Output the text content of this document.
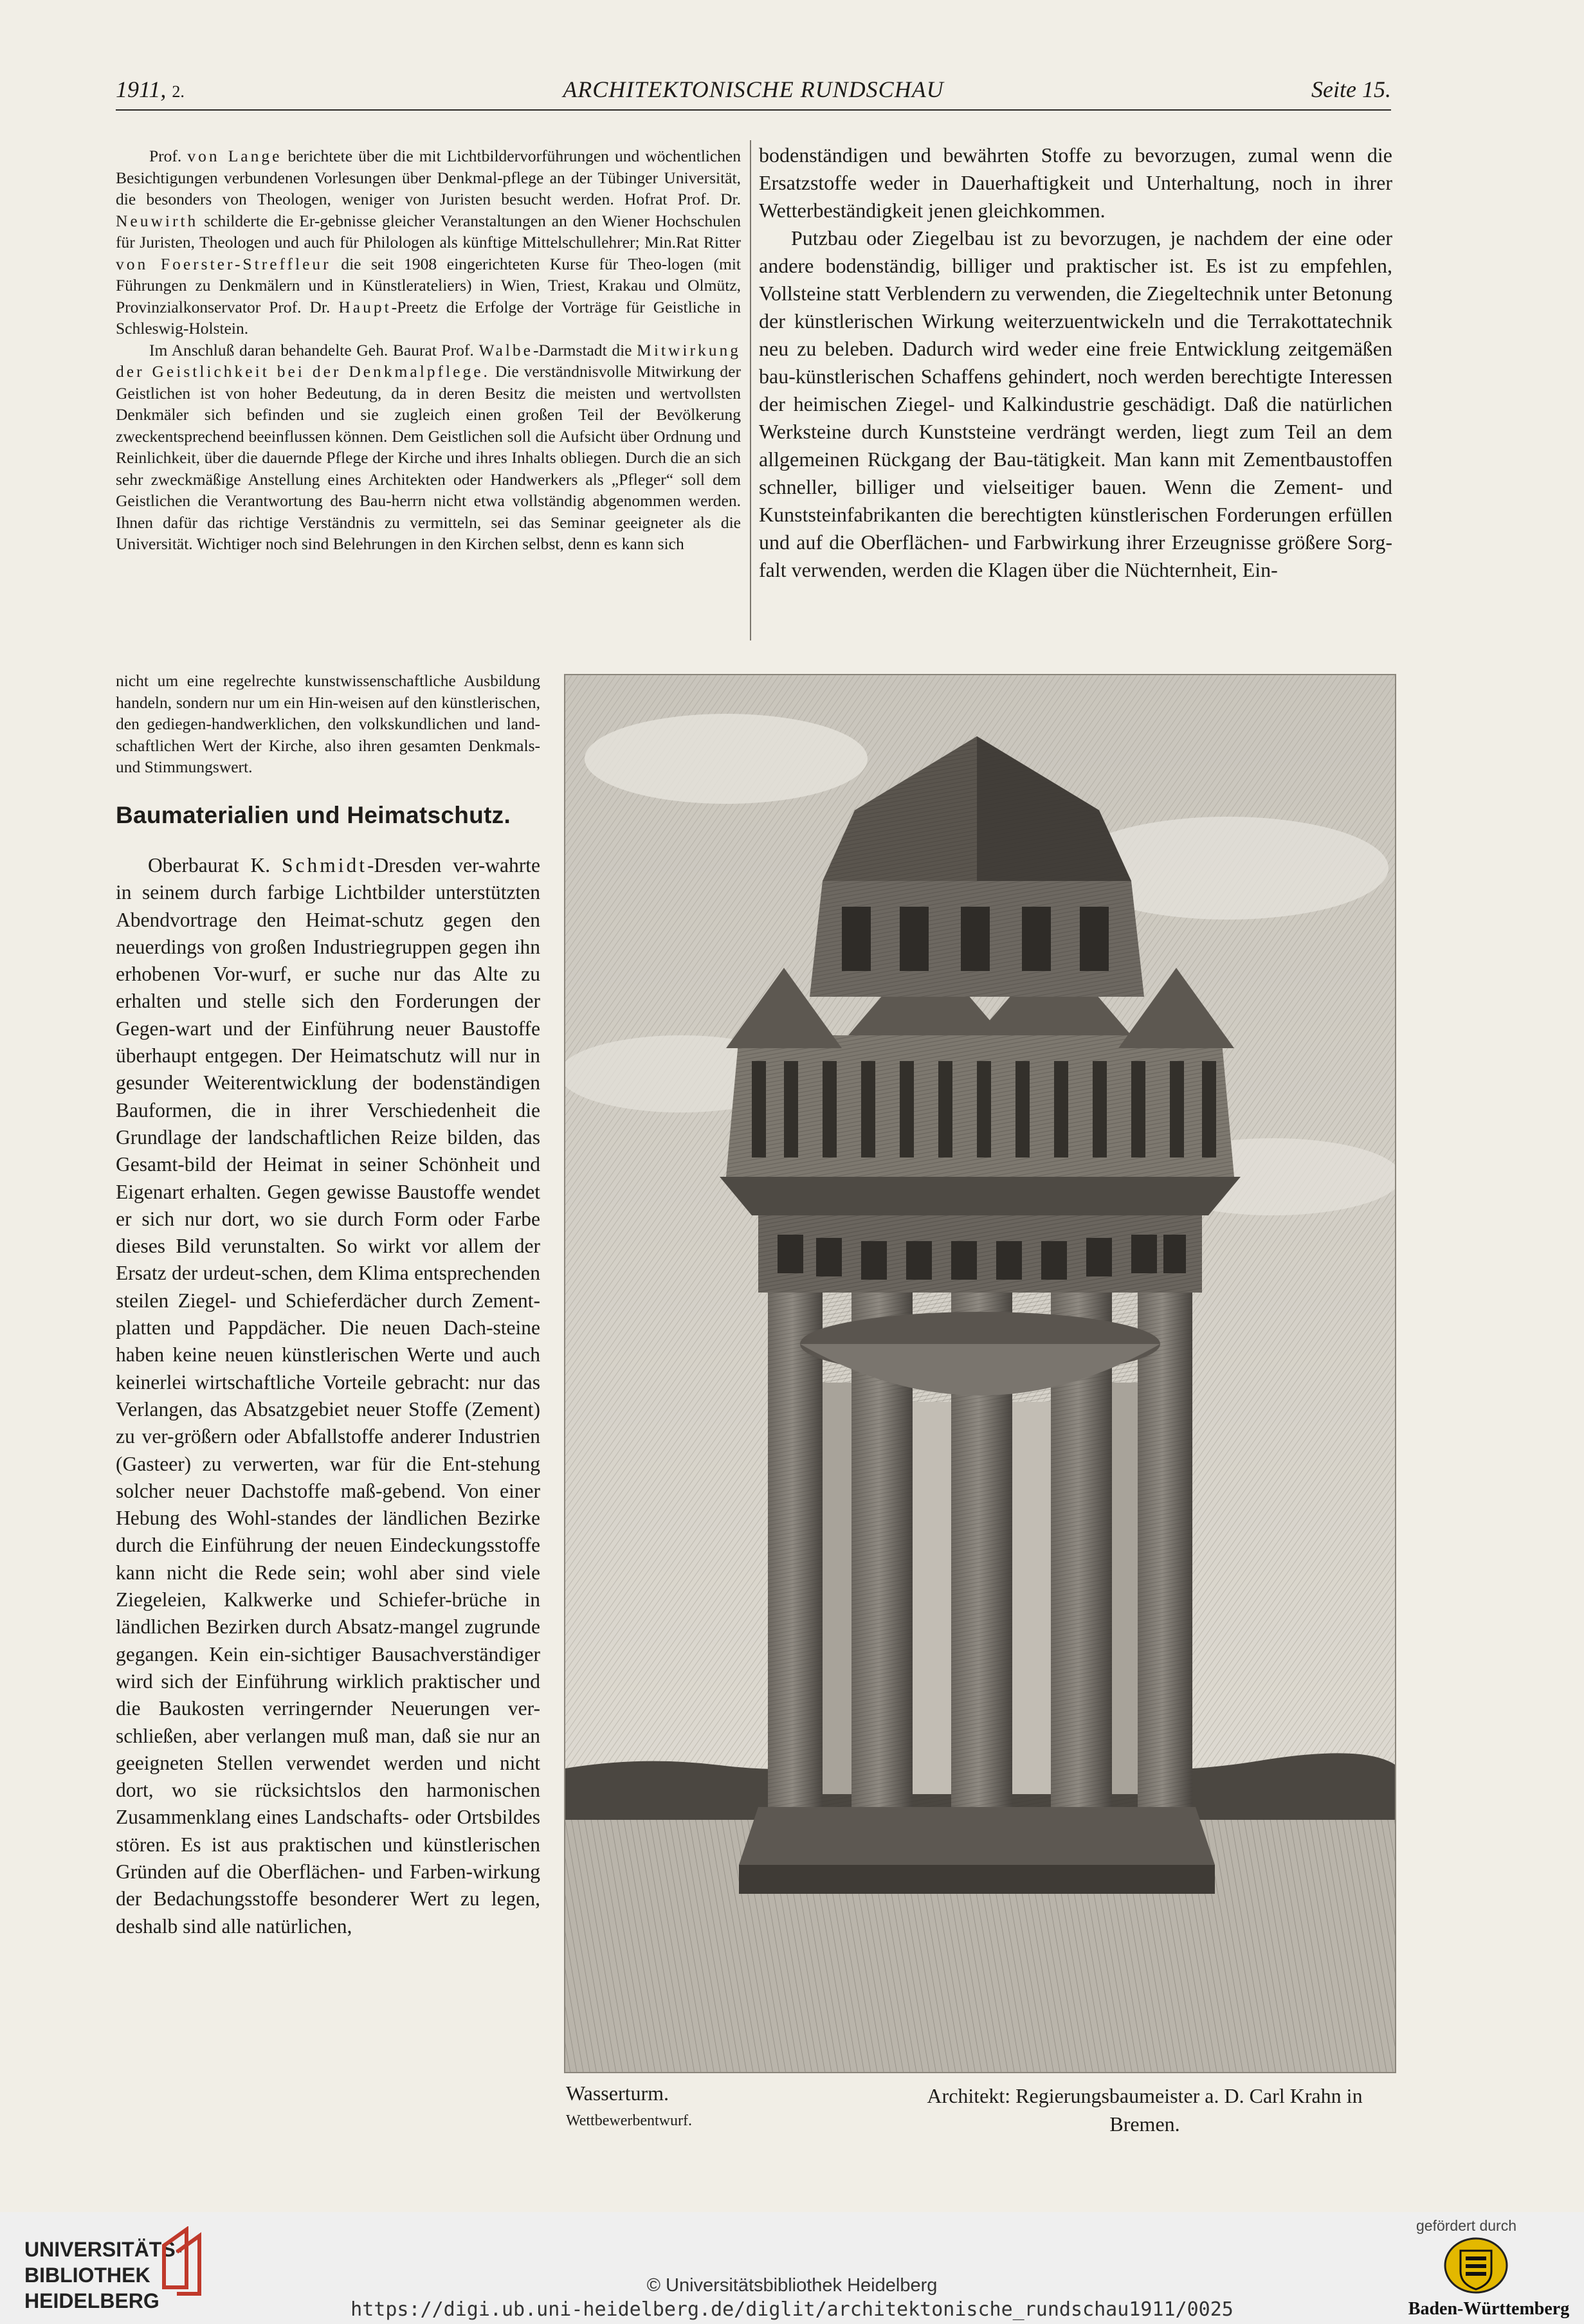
1911, 2.	ARCHITEKTONISCHE RUNDSCHAU	Seite 15.

Prof. von Lange berichtete über die mit Lichtbildervorführungen und wöchentlichen Besichtigungen verbundenen Vorlesungen über Denkmal-pflege an der Tübinger Universität, die besonders von Theologen, weniger von Juristen besucht werden. Hofrat Prof. Dr. Neuwirth schilderte die Er-gebnisse gleicher Veranstaltungen an den Wiener Hochschulen für Juristen, Theologen und auch für Philologen als künftige Mittelschullehrer; Min.Rat Ritter von Foerster-Streffleur die seit 1908 eingerichteten Kurse für Theo-logen (mit Führungen zu Denkmälern und in Künstlerateliers) in Wien, Triest, Krakau und Olmütz, Provinzialkonservator Prof. Dr. Haupt-Preetz die Erfolge der Vorträge für Geistliche in Schleswig-Holstein.

Im Anschluß daran behandelte Geh. Baurat Prof. Walbe-Darmstadt die Mitwirkung der Geistlichkeit bei der Denkmalpflege. Die verständnisvolle Mitwirkung der Geistlichen ist von hoher Bedeutung, da in deren Besitz die meisten und wertvollsten Denkmäler sich befinden und sie zugleich einen großen Teil der Bevölkerung zweckentsprechend beeinflussen können. Dem Geistlichen soll die Aufsicht über Ordnung und Reinlichkeit, über die dauernde Pflege der Kirche und ihres Inhalts obliegen. Durch die an sich sehr zweckmäßige Anstellung eines Architekten oder Handwerkers als „Pfleger“ soll dem Geistlichen die Verantwortung des Bau-herrn nicht etwa vollständig abgenommen werden. Ihnen dafür das richtige Verständnis zu vermitteln, sei das Seminar geeigneter als die Universität. Wichtiger noch sind Belehrungen in den Kirchen selbst, denn es kann sich

bodenständigen und bewährten Stoffe zu bevorzugen, zumal wenn die Ersatzstoffe weder in Dauerhaftigkeit und Unterhaltung, noch in ihrer Wetterbeständigkeit jenen gleichkommen.

Putzbau oder Ziegelbau ist zu bevorzugen, je nachdem der eine oder andere bodenständig, billiger und praktischer ist. Es ist zu empfehlen, Vollsteine statt Verblendern zu verwenden, die Ziegeltechnik unter Betonung der künstlerischen Wirkung weiterzuentwickeln und die Terrakottatechnik neu zu beleben. Dadurch wird weder eine freie Entwicklung zeitgemäßen bau-künstlerischen Schaffens gehindert, noch werden berechtigte Interessen der heimischen Ziegel- und Kalkindustrie geschädigt. Daß die natürlichen Werksteine durch Kunststeine verdrängt werden, liegt zum Teil an dem allgemeinen Rückgang der Bau-tätigkeit. Man kann mit Zementbaustoffen schneller, billiger und vielseitiger bauen. Wenn die Zement- und Kunststeinfabrikanten die berechtigten künstlerischen Forderungen erfüllen und auf die Oberflächen- und Farbwirkung ihrer Erzeugnisse größere Sorg-falt verwenden, werden die Klagen über die Nüchternheit, Ein-

nicht um eine regelrechte kunstwissenschaftliche Ausbildung handeln, sondern nur um ein Hin-weisen auf den künstlerischen, den gediegen-handwerklichen, den volkskundlichen und land-schaftlichen Wert der Kirche, also ihren gesamten Denkmals- und Stimmungswert.
Baumaterialien und Heimatschutz.

Oberbaurat K. Schmidt-Dresden ver-wahrte in seinem durch farbige Lichtbilder unterstützten Abendvortrage den Heimat-schutz gegen den neuerdings von großen Industriegruppen gegen ihn erhobenen Vor-wurf, er suche nur das Alte zu erhalten und stelle sich den Forderungen der Gegen-wart und der Einführung neuer Baustoffe überhaupt entgegen. Der Heimatschutz will nur in gesunder Weiterentwicklung der bodenständigen Bauformen, die in ihrer Verschiedenheit die Grundlage der landschaftlichen Reize bilden, das Gesamt-bild der Heimat in seiner Schönheit und Eigenart erhalten. Gegen gewisse Baustoffe wendet er sich nur dort, wo sie durch Form oder Farbe dieses Bild verunstalten. So wirkt vor allem der Ersatz der urdeut-schen, dem Klima entsprechenden steilen Ziegel- und Schieferdächer durch Zement-platten und Pappdächer. Die neuen Dach-steine haben keine neuen künstlerischen Werte und auch keinerlei wirtschaftliche Vorteile gebracht: nur das Verlangen, das Absatzgebiet neuer Stoffe (Zement) zu ver-größern oder Abfallstoffe anderer Industrien (Gasteer) zu verwerten, war für die Ent-stehung solcher neuer Dachstoffe maß-gebend. Von einer Hebung des Wohl-standes der ländlichen Bezirke durch die Einführung der neuen Eindeckungsstoffe kann nicht die Rede sein; wohl aber sind viele Ziegeleien, Kalkwerke und Schiefer-brüche in ländlichen Bezirken durch Absatz-mangel zugrunde gegangen. Kein ein-sichtiger Bausachverständiger wird sich der Einführung wirklich praktischer und die Baukosten verringernder Neuerungen ver-schließen, aber verlangen muß man, daß sie nur an geeigneten Stellen verwendet werden und nicht dort, wo sie rücksichtslos den harmonischen Zusammenklang eines Landschafts- oder Ortsbildes stören. Es ist aus praktischen und künstlerischen Gründen auf die Oberflächen- und Farben-wirkung der Bedachungsstoffe besonderer Wert zu legen, deshalb sind alle natürlichen,

Wasserturm.
Wettbewerbentwurf.
Architekt: Regierungsbaumeister a. D. Carl Krahn in Bremen.
UNIVERSITÄTS-
BIBLIOTHEK
HEIDELBERG
© Universitätsbibliothek Heidelberg
https://digi.ub.uni-heidelberg.de/diglit/architektonische_rundschau1911/0025
gefördert durch
Baden-Württemberg
